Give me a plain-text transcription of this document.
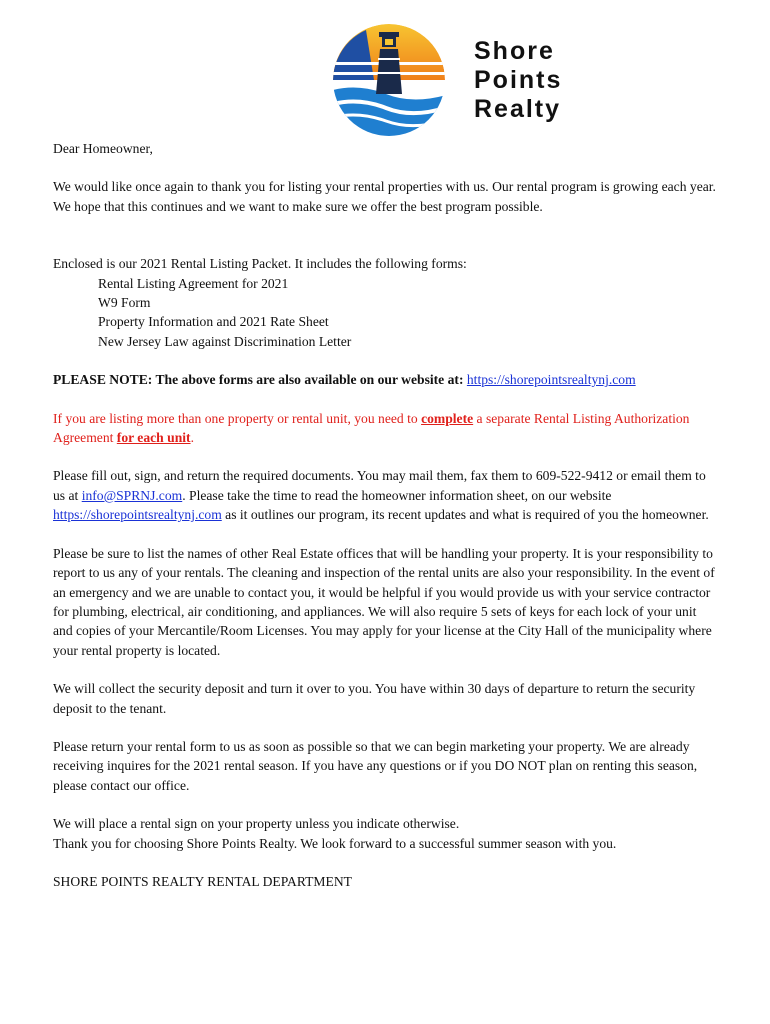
Shore
Points
Realty

Dear Homeowner,

We would like once again to thank you for listing your rental properties with us. Our rental program is growing each year. We hope that this continues and we want to make sure we offer the best program possible.

Enclosed is our 2021 Rental Listing Packet. It includes the following forms:

Rental Listing Agreement for 2021

W9 Form

Property Information and 2021 Rate Sheet

New Jersey Law against Discrimination Letter

PLEASE NOTE: The above forms are also available on our website at: https://shorepointsrealtynj.com

If you are listing more than one property or rental unit, you need to complete a separate Rental Listing Authorization Agreement for each unit.

Please fill out, sign, and return the required documents. You may mail them, fax them to 609-522-9412 or email them to us at info@SPRNJ.com. Please take the time to read the homeowner information sheet, on our website https://shorepointsrealtynj.com as it outlines our program, its recent updates and what is required of you the homeowner.

Please be sure to list the names of other Real Estate offices that will be handling your property. It is your responsibility to report to us any of your rentals. The cleaning and inspection of the rental units are also your responsibility. In the event of an emergency and we are unable to contact you, it would be helpful if you would provide us with your service contractor for plumbing, electrical, air conditioning, and appliances. We will also require 5 sets of keys for each lock of your unit and copies of your Mercantile/Room Licenses. You may apply for your license at the City Hall of the municipality where your rental property is located.

We will collect the security deposit and turn it over to you. You have within 30 days of departure to return the security deposit to the tenant.

Please return your rental form to us as soon as possible so that we can begin marketing your property. We are already receiving inquires for the 2021 rental season. If you have any questions or if you DO NOT plan on renting this season, please contact our office.

We will place a rental sign on your property unless you indicate otherwise.

Thank you for choosing Shore Points Realty. We look forward to a successful summer season with you.

SHORE POINTS REALTY RENTAL DEPARTMENT
